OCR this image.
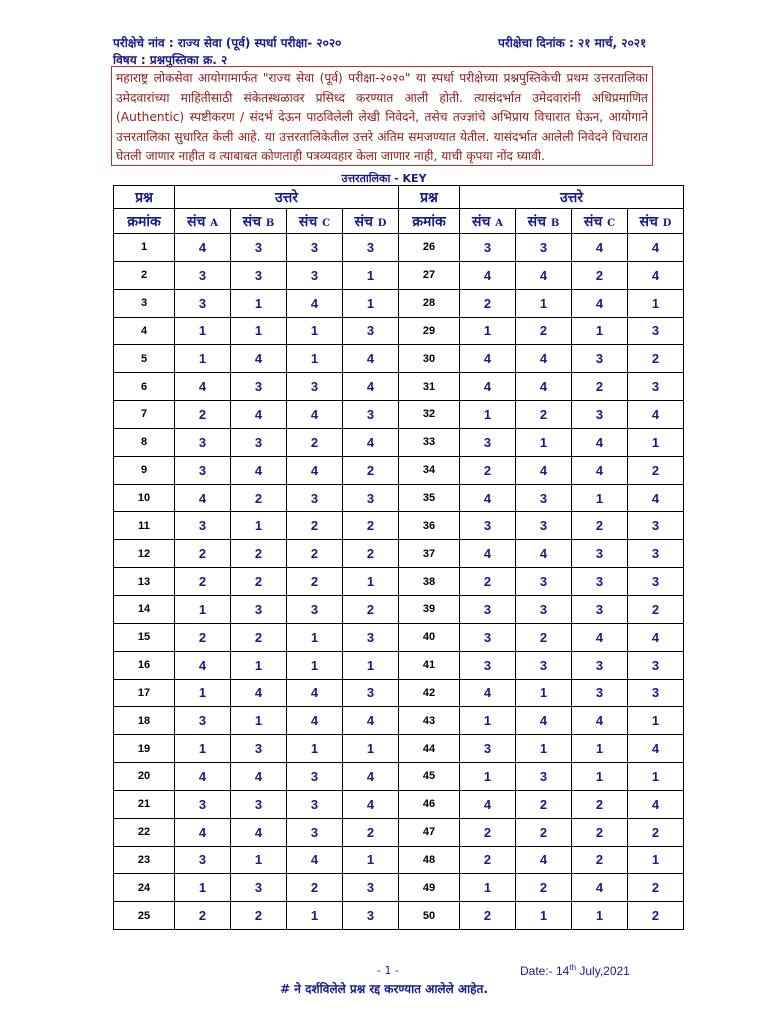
परीक्षेचे नांव : राज्य सेवा (पूर्व) स्पर्धा परीक्षा- २०२०	परीक्षेचा दिनांक : २१ मार्च, २०२१
विषय : प्रश्नपुस्तिका क्र. २
महाराष्ट्र लोकसेवा आयोगामार्फत "राज्य सेवा (पूर्व) परीक्षा-२०२०" या स्पर्धा परीक्षेच्या प्रश्नपुस्तिकेची प्रथम उत्तरतालिका उमेदवारांच्या माहितीसाठी संकेतस्थळावर प्रसिध्द करण्यात आली होती. त्यासंदर्भात उमेदवारांनी अधिप्रमाणित (Authentic) स्पष्टीकरण / संदर्भ देऊन पाठविलेली लेखी निवेदने, तसेच तज्ज्ञांचे अभिप्राय विचारात घेऊन, आयोगाने उत्तरतालिका सुधारित केली आहे. या उत्तरतालिकेतील उत्तरे अंतिम समजण्यात येतील. यासंदर्भात आलेली निवेदने विचारात घेतली जाणार नाहीत व त्याबाबत कोणताही पत्रव्यवहार केला जाणार नाही, याची कृपया नोंद घ्यावी.
उत्तरतालिका - KEY
प्रश्न	उत्तरे			
क्रमांक	संच A	संच B	संच C	संच D
1	4	3	3	3
2	3	3	3	1
3	3	1	4	1
4	1	1	1	3
5	1	4	1	4
6	4	3	3	4
7	2	4	4	3
8	3	3	2	4
9	3	4	4	2
10	4	2	3	3
11	3	1	2	2
12	2	2	2	2
13	2	2	2	1
14	1	3	3	2
15	2	2	1	3
16	4	1	1	1
17	1	4	4	3
18	3	1	4	4
19	1	3	1	1
20	4	4	3	4
21	3	3	3	4
22	4	4	3	2
23	3	1	4	1
24	1	3	2	3
25	2	2	1	3
प्रश्न	उत्तरे			
क्रमांक	संच A	संच B	संच C	संच D
26	3	3	4	4
27	4	4	2	4
28	2	1	4	1
29	1	2	1	3
30	4	4	3	2
31	4	4	2	3
32	1	2	3	4
33	3	1	4	1
34	2	4	4	2
35	4	3	1	4
36	3	3	2	3
37	4	4	3	3
38	2	3	3	3
39	3	3	3	2
40	3	2	4	4
41	3	3	3	3
42	4	1	3	3
43	1	4	4	1
44	3	1	1	4
45	1	3	1	1
46	4	2	2	4
47	2	2	2	2
48	2	4	2	1
49	1	2	4	2
50	2	1	1	2
- 1 -	Date:- 14th July,2021
# ने दर्शविलेले प्रश्न रद्द करण्यात आलेले आहेत.
